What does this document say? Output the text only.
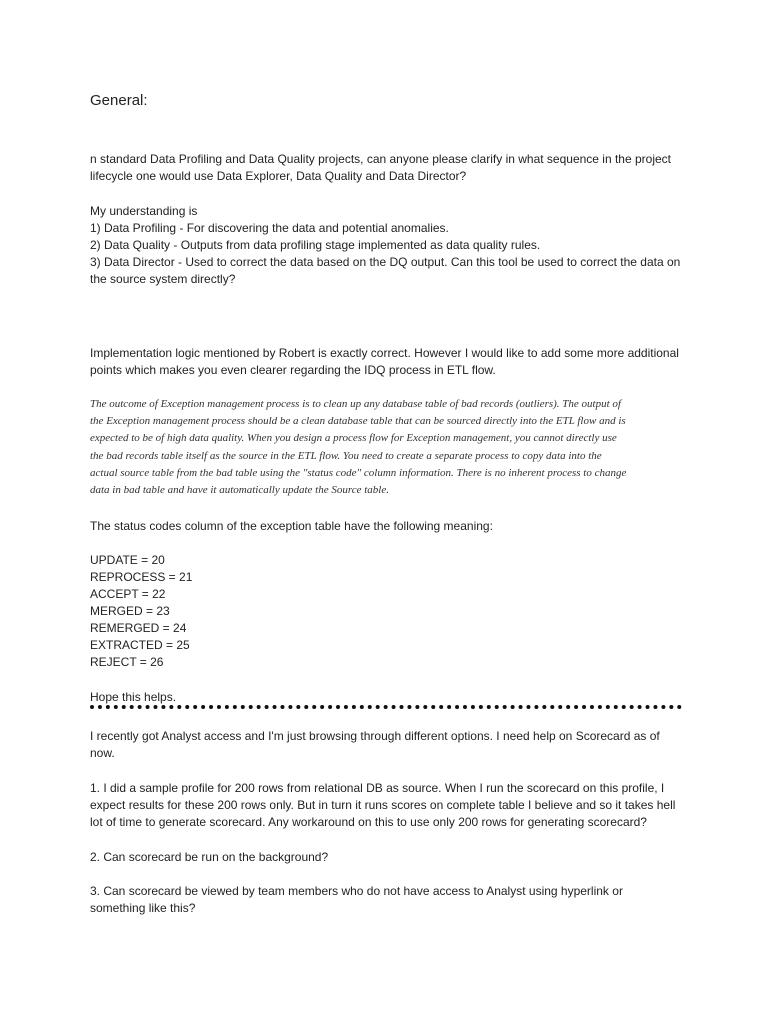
General:
n standard Data Profiling and Data Quality projects, can anyone please clarify in what sequence in the project
lifecycle one would use Data Explorer, Data Quality and Data Director?
My understanding is
1) Data Profiling - For discovering the data and potential anomalies.
2) Data Quality - Outputs from data profiling stage implemented as data quality rules.
3) Data Director - Used to correct the data based on the DQ output. Can this tool be used to correct the data on
the source system directly?
Implementation logic mentioned by Robert is exactly correct. However I would like to add some more additional
points which makes you even clearer regarding the IDQ process in ETL flow.
The outcome of Exception management process is to clean up any database table of bad records (outliers). The output of
the Exception management process should be a clean database table that can be sourced directly into the ETL flow and is
expected to be of high data quality. When you design a process flow for Exception management, you cannot directly use
the bad records table itself as the source in the ETL flow. You need to create a separate process to copy data into the
actual source table from the bad table using the "status code" column information. There is no inherent process to change
data in bad table and have it automatically update the Source table.
The status codes column of the exception table have the following meaning:
UPDATE = 20
REPROCESS = 21
ACCEPT = 22
MERGED = 23
REMERGED = 24
EXTRACTED = 25
REJECT = 26
Hope this helps.
I recently got Analyst access and I'm just browsing through different options. I need help on Scorecard as of
now.
1. I did a sample profile for 200 rows from relational DB as source. When I run the scorecard on this profile, I
expect results for these 200 rows only. But in turn it runs scores on complete table I believe and so it takes hell
lot of time to generate scorecard. Any workaround on this to use only 200 rows for generating scorecard?
2. Can scorecard be run on the background?
3. Can scorecard be viewed by team members who do not have access to Analyst using hyperlink or
something like this?
